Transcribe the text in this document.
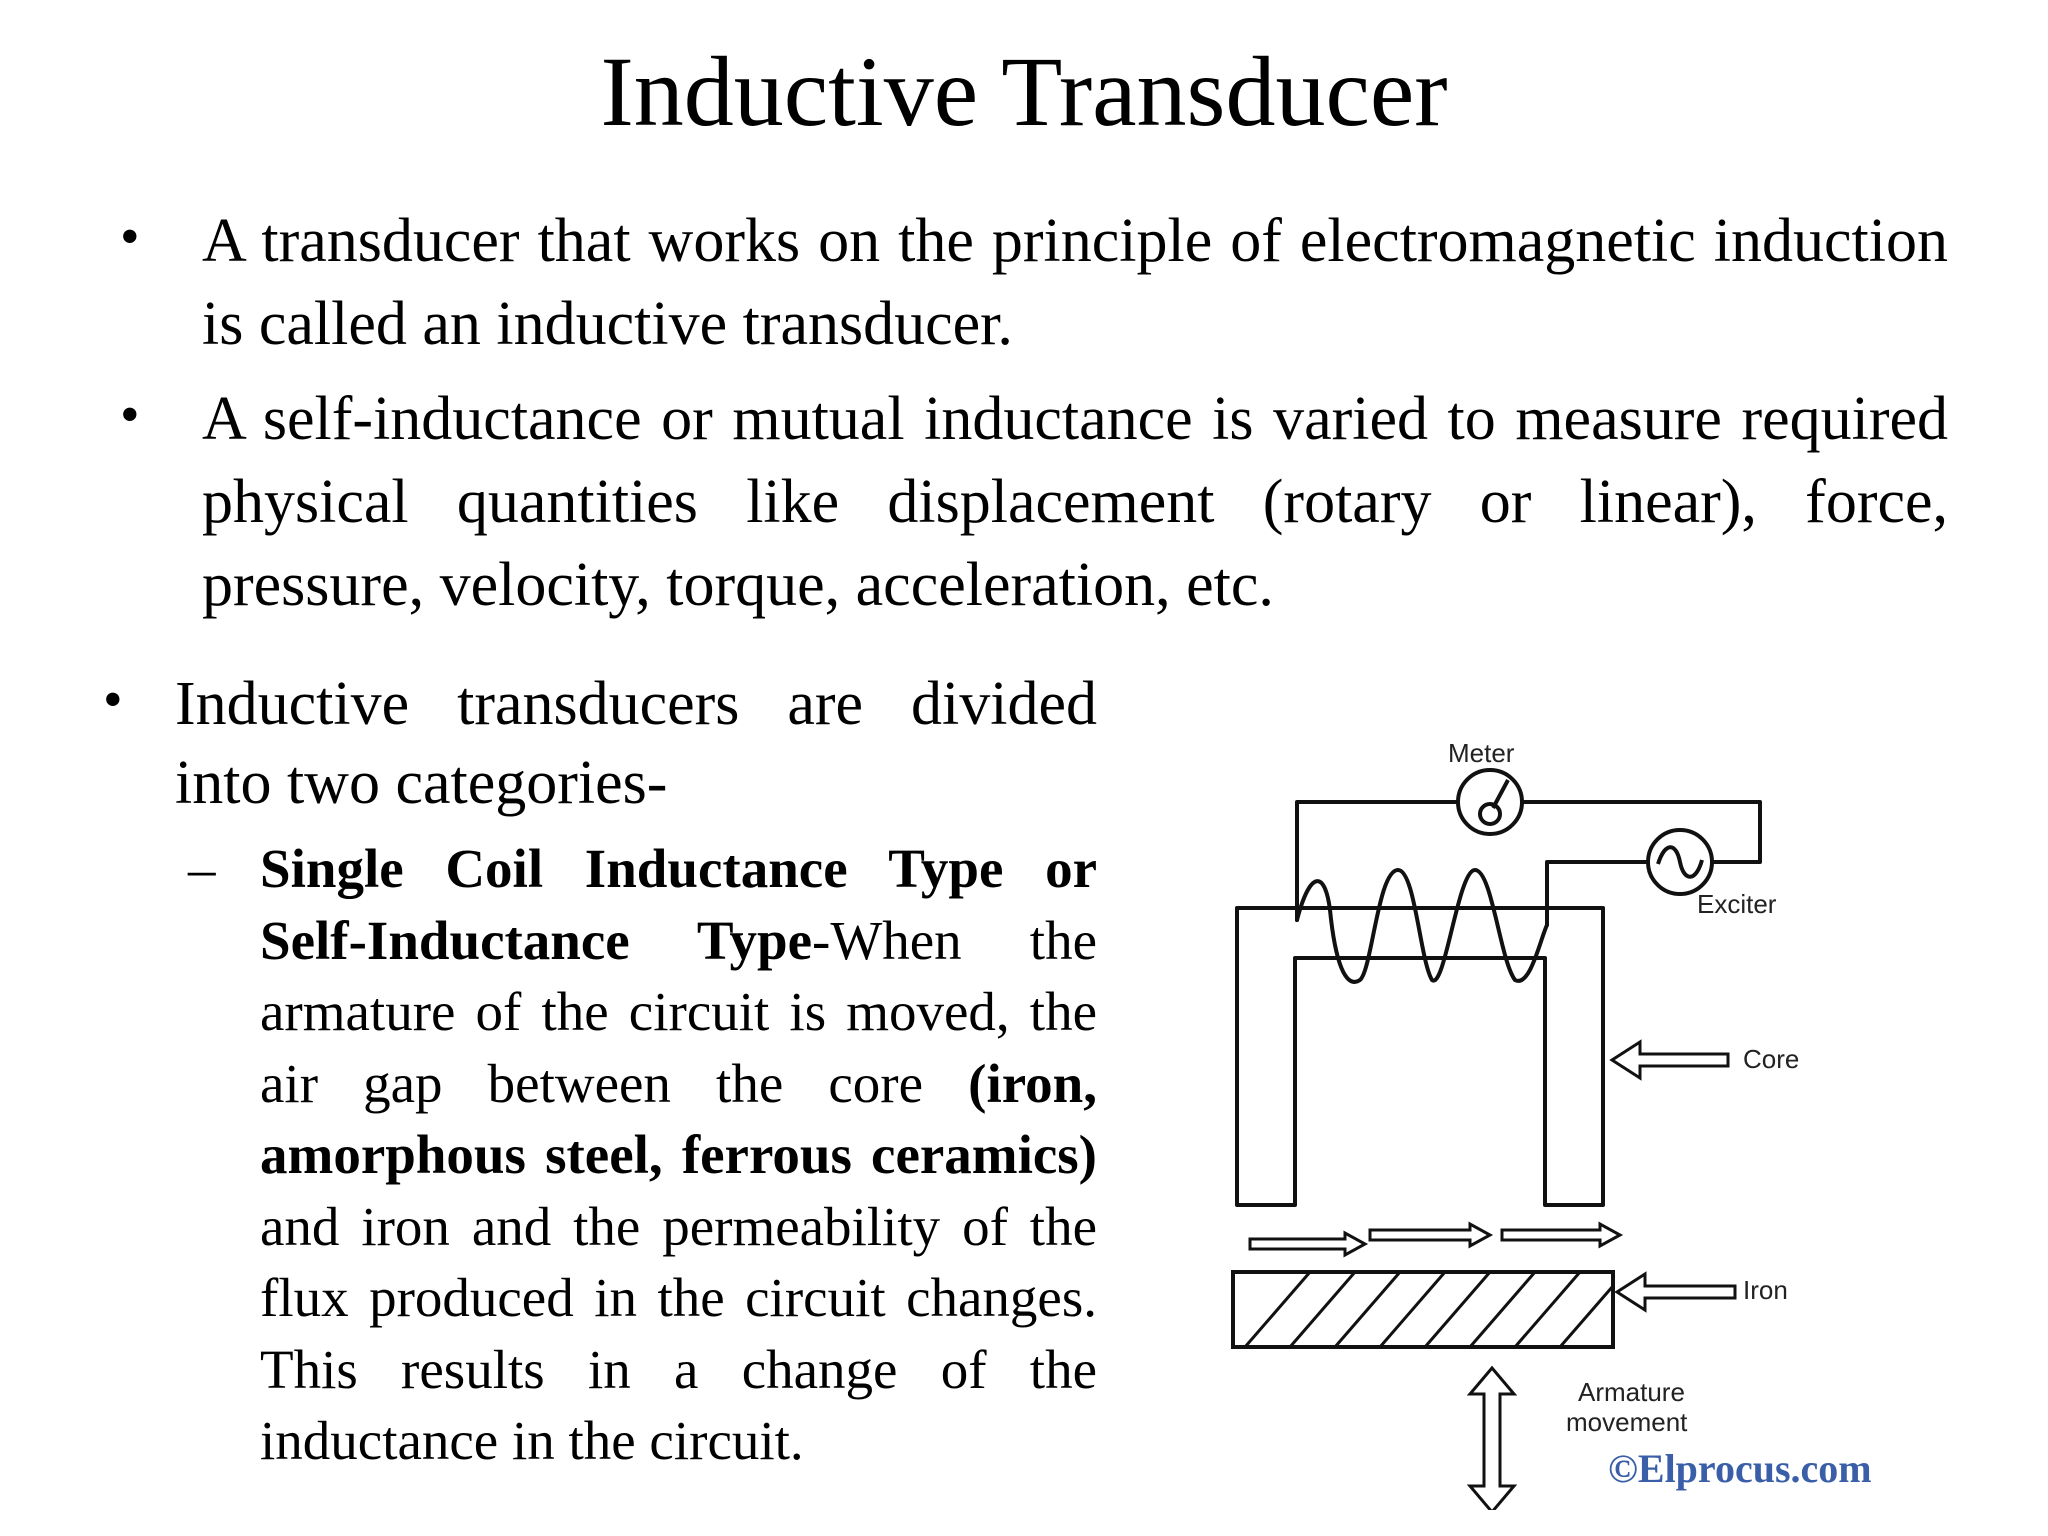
Inductive Transducer
• A transducer that works on the principle of electromagnetic induction is called an inductive transducer.
• A self-inductance or mutual inductance is varied to measure required physical quantities like displacement (rotary or linear), force, pressure, velocity, torque, acceleration, etc.
• Inductive transducers are divided into two categories-
– Single Coil Inductance Type or Self-Inductance Type-When the armature of the circuit is moved, the air gap between the core (iron, amorphous steel, ferrous ceramics) and iron and the permeability of the flux produced in the circuit changes. This results in a change of the inductance in the circuit.
Meter
Exciter
Core
Iron
Armature
movement
©Elprocus.com
